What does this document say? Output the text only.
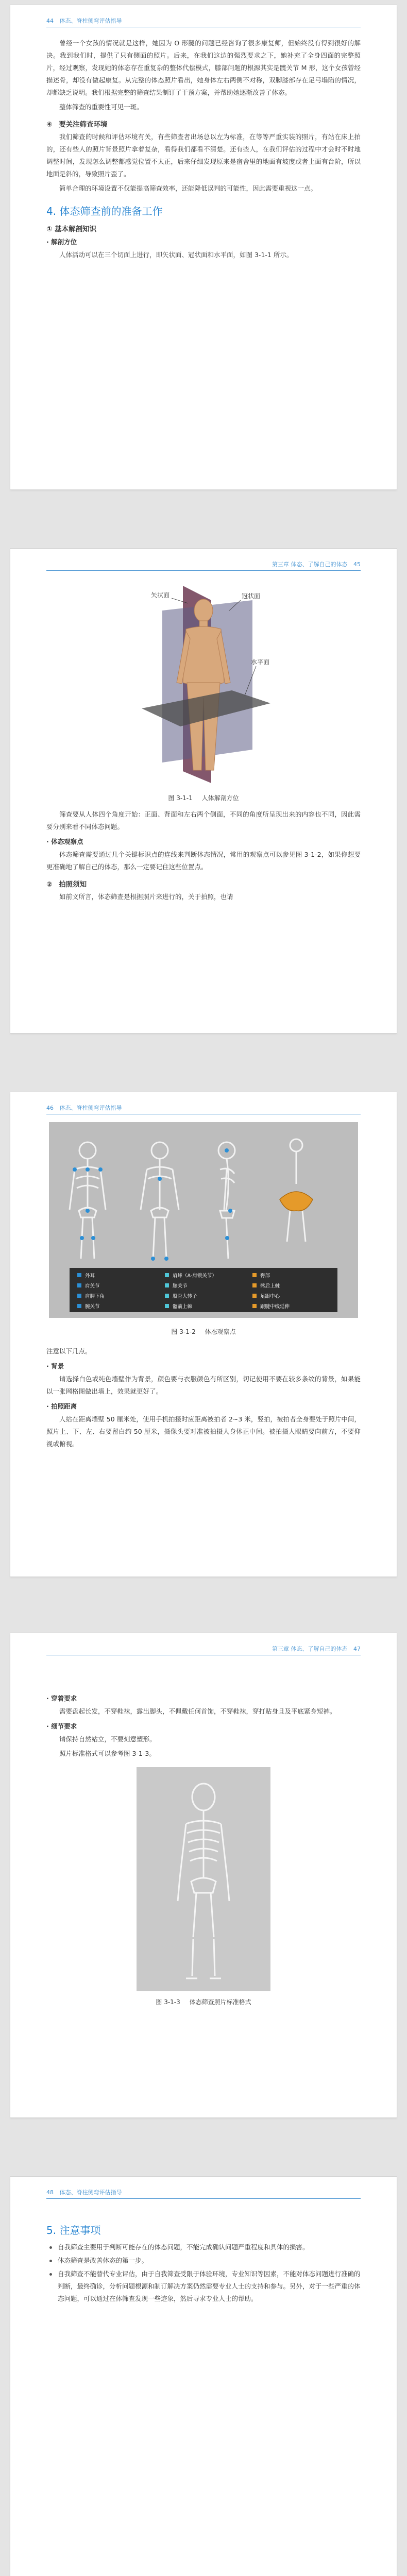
44 体态、脊柱侧弯评估指导

曾经一个女孩的情况就是这样，她因为 O 形腿的问题已经咨询了很多康复师，但始终没有得到很好的解决。我到我们时，提供了只有侧面的照片。后来，在我们这边的强烈要求之下，她补充了全身四面的完整照片，经过观察，发现她的体态存在重复杂的整体代偿模式，膝部问题的根源其实是髋关节 M 形，这个女孩曾经描述骨，却没有做起康复。从完整的体态照片看出，她身体左右两侧不对称，双脚膝部存在足弓塌陷的情况，却都缺乏说明。我们根据完整的筛查结果制订了干预方案，并帮助她逐渐改善了体态。

整体筛查的重要性可见一斑。

④ 要关注筛查环境

我们筛查的时候和评估环境有关，有些筛查者出场总以左为标准，在等等严重实装的照片，有站在床上拍的，还有些人的照片背景照片拿着复杂，看得我们都看不清楚。还有些人，在我们评估的过程中才会时不时地调整时间，发现怎么调整都感觉位置不太正，后来仔细发现原来是宿舍里的地面有坡度或者上面有台阶，所以地面是斜的，导致照片歪了。

简单合理的环境设置不仅能提高筛查效率，还能降低误判的可能性，因此需要重视这一点。

4. 体态筛查前的准备工作
① 基本解剖知识
· 解剖方位

人体活动可以在三个切面上进行，即矢状面、冠状面和水平面，如图 3-1-1 所示。

第三章 体态、了解自己的体态 45
矢状面	冠状面
水平面
图 3-1-1 人体解剖方位

筛查要从人体四个角度开始：正面、背面和左右两个侧面，不同的角度所呈现出来的内容也不同，因此需要分别来看不同体态问题。

· 体态观察点

体态筛查需要通过几个关键标识点的连线来判断体态情况，常用的观察点可以参见图 3-1-2，如果你想要更准确地了解自己的体态，那么一定要记住这些位置点。

② 拍照须知

如前文所言，体态筛查是根据照片来进行的，关于拍照，也请

46 体态、脊柱侧弯评估指导
外耳	肩峰（A-肩锁关节）	臀部
肩关节	膝关节	髂后上棘
肩胛下角	股骨大转子	足跟中心
腕关节	髂前上棘	跟腱中线延伸
图 3-1-2 体态观察点

注意以下几点。

· 背景

请选择白色或纯色墙壁作为背景，颜色要与衣服颜色有所区别，切记使用不要在较多条纹的背景，如果能以一张网格图做出墙上，效果就更好了。

· 拍照距离

人站在距离墙壁 50 厘米处，使用手机拍摄时应距离被拍者 2~3 米，竖拍，被拍者全身要处于照片中间，照片上、下、左、右要留白约 50 厘米，摄像头要对准被拍摄人身体正中间。被拍摄人眼睛要向前方，不要仰视或俯视。

第三章 体态、了解自己的体态 47
· 穿着要求

需要盘起长发，不穿鞋袜，露出脚头，不佩戴任何首饰，不穿鞋袜，穿打贴身且及平底紧身短裤。

· 细节要求

请保持自然站立，不要刻意塑形。

照片标准格式可以参考图 3-1-3。

图 3-1-3 体态筛查照片标准格式
48 体态、脊柱侧弯评估指导
5. 注意事项
自我筛查主要用于判断可能存在的体态问题，不能完成确认问题严重程度和具体的损害。
体态筛查是改善体态的第一步。
自我筛查不能替代专业评估，由于自我筛查受限于体验环境，专业知识等因素，不能对体态问题进行准确的判断，最终确诊，分析问题根源和制订解决方案仍然需要专业人士的支持和参与。另外，对于一些严重的体态问题，可以通过在体筛查发现一些迹象，然后寻求专业人士的帮助。
